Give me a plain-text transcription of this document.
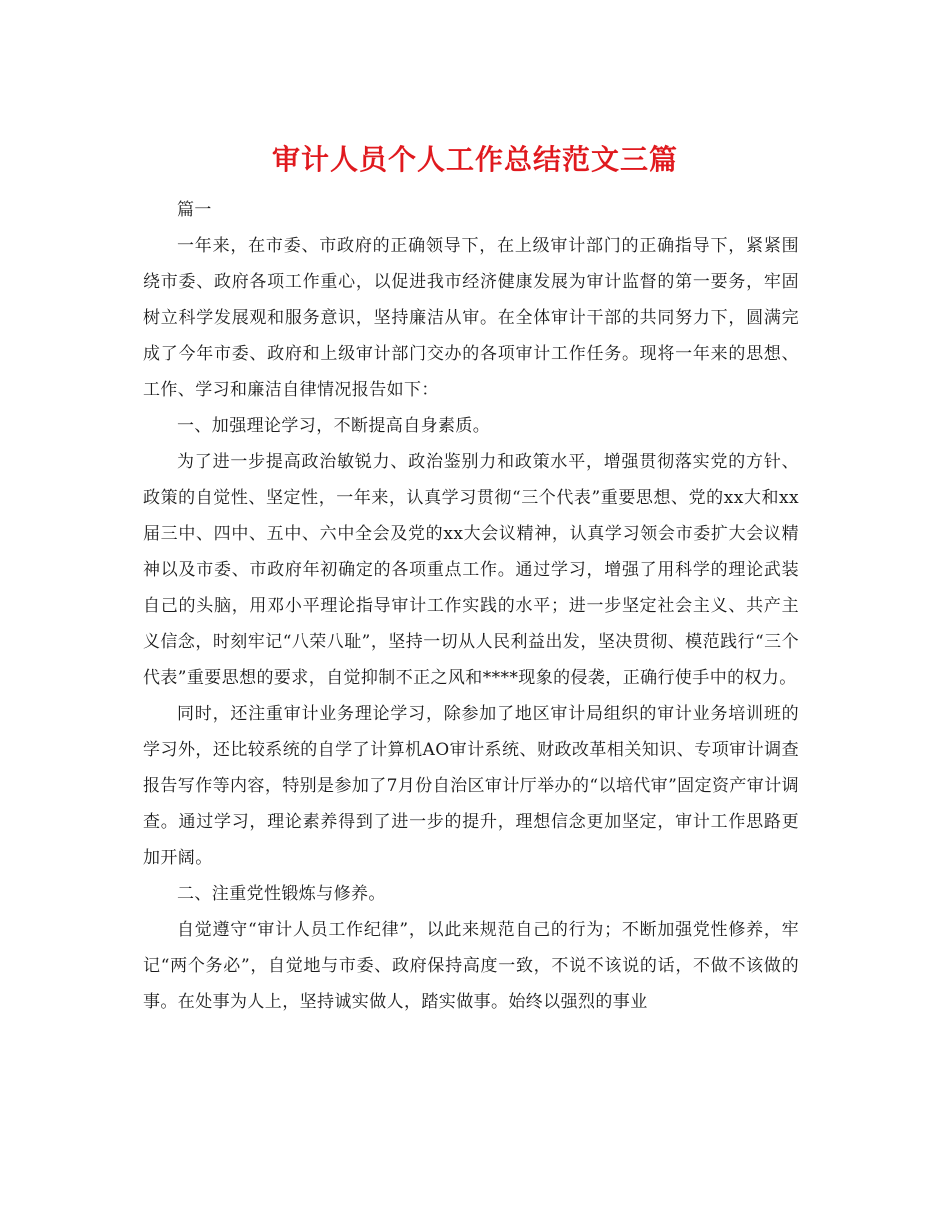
审计人员个人工作总结范文三篇

篇一

一年来，在市委、市政府的正确领导下，在上级审计部门的正确指导下，紧紧围绕市委、政府各项工作重心，以促进我市经济健康发展为审计监督的第一要务，牢固树立科学发展观和服务意识，坚持廉洁从审。在全体审计干部的共同努力下，圆满完成了今年市委、政府和上级审计部门交办的各项审计工作任务。现将一年来的思想、工作、学习和廉洁自律情况报告如下：

一、加强理论学习，不断提高自身素质。

为了进一步提高政治敏锐力、政治鉴别力和政策水平，增强贯彻落实党的方针、政策的自觉性、坚定性，一年来，认真学习贯彻“三个代表”重要思想、党的xx大和xx届三中、四中、五中、六中全会及党的xx大会议精神，认真学习领会市委扩大会议精神以及市委、市政府年初确定的各项重点工作。通过学习，增强了用科学的理论武装自己的头脑，用邓小平理论指导审计工作实践的水平；进一步坚定社会主义、共产主义信念，时刻牢记“八荣八耻”，坚持一切从人民利益出发，坚决贯彻、模范践行“三个代表”重要思想的要求，自觉抑制不正之风和****现象的侵袭，正确行使手中的权力。

同时，还注重审计业务理论学习，除参加了地区审计局组织的审计业务培训班的学习外，还比较系统的自学了计算机AO审计系统、财政改革相关知识、专项审计调查报告写作等内容，特别是参加了7月份自治区审计厅举办的“以培代审”固定资产审计调查。通过学习，理论素养得到了进一步的提升，理想信念更加坚定，审计工作思路更加开阔。

二、注重党性锻炼与修养。

自觉遵守“审计人员工作纪律”，以此来规范自己的行为；不断加强党性修养，牢记“两个务必”，自觉地与市委、政府保持高度一致，不说不该说的话，不做不该做的事。在处事为人上，坚持诚实做人，踏实做事。始终以强烈的事业
